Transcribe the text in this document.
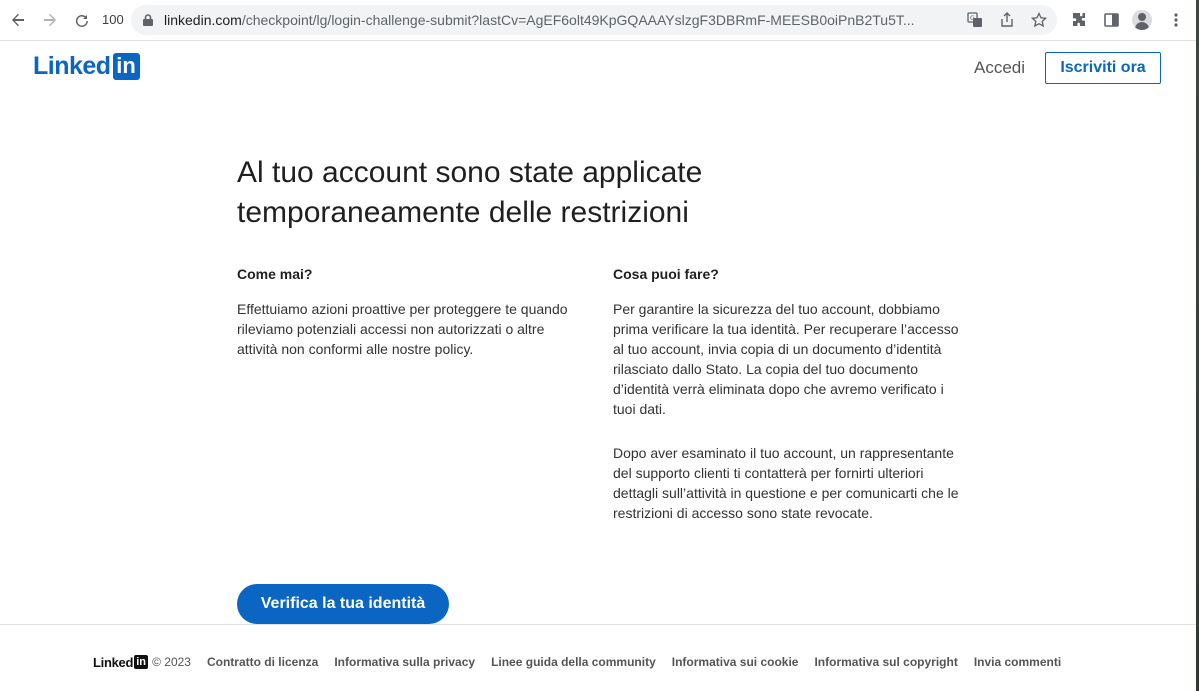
100	linkedin.com/checkpoint/lg/login-challenge-submit?lastCv=AgEF6olt49KpGQAAAYslzgF3DBRmF-MEESB0oiPnB2Tu5T...	G
Linked in	Accedi	Iscriviti ora
Al tuo account sono state applicate temporaneamente delle restrizioni
Come mai?

Effettuiamo azioni proattive per proteggere te quando rileviamo potenziali accessi non autorizzati o altre attività non conformi alle nostre policy.

Cosa puoi fare?

Per garantire la sicurezza del tuo account, dobbiamo prima verificare la tua identità. Per recuperare l’accesso al tuo account, invia copia di un documento d’identità rilasciato dallo Stato. La copia del tuo documento d’identità verrà eliminata dopo che avremo verificato i tuoi dati.

Dopo aver esaminato il tuo account, un rappresentante del supporto clienti ti contatterà per fornirti ulteriori dettagli sull’attività in questione e per comunicarti che le restrizioni di accesso sono state revocate.

Verifica la tua identità
Linked in © 2023 Contratto di licenza Informativa sulla privacy Linee guida della community Informativa sui cookie Informativa sul copyright Invia commenti
